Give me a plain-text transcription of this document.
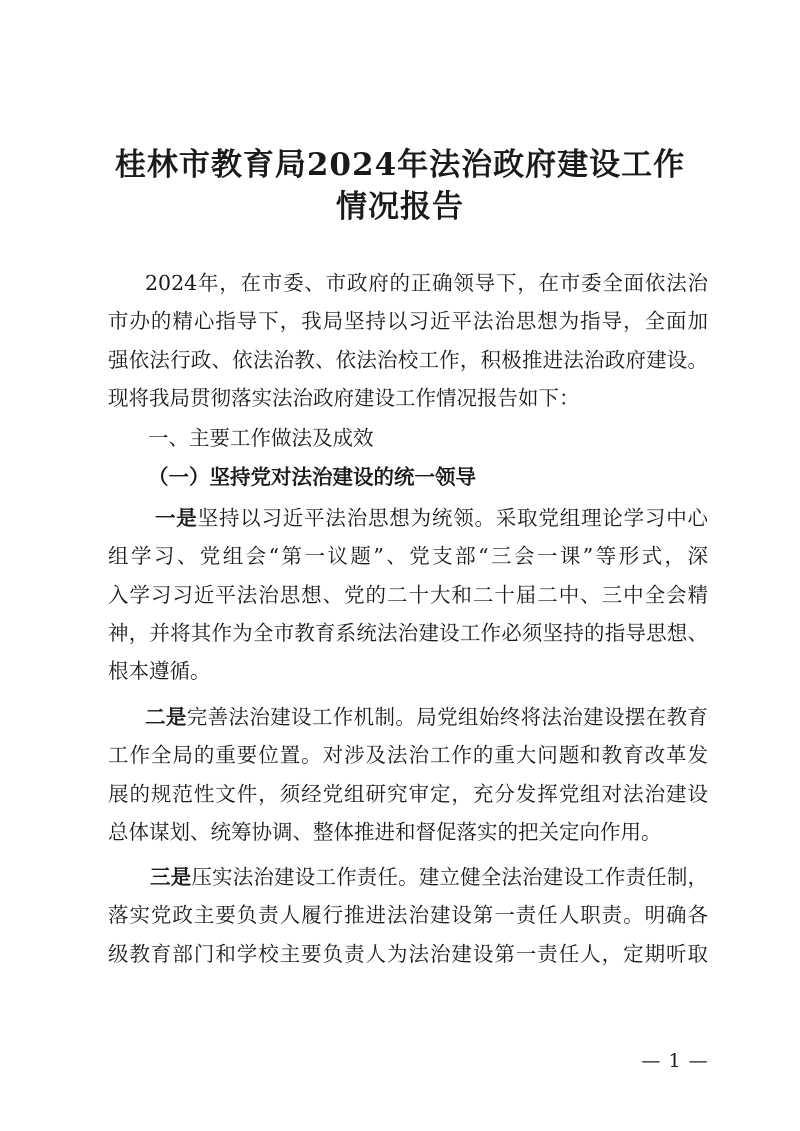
桂林市教育局2024年法治政府建设工作
情况报告

2024年，在市委、市政府的正确领导下，在市委全面依法治

市办的精心指导下，我局坚持以习近平法治思想为指导，全面加

强依法行政、依法治教、依法治校工作，积极推进法治政府建设。

现将我局贯彻落实法治政府建设工作情况报告如下：

一、主要工作做法及成效

（一）坚持党对法治建设的统一领导

一是坚持以习近平法治思想为统领。采取党组理论学习中心

组学习、党组会“第一议题”、党支部“三会一课”等形式，深

入学习习近平法治思想、党的二十大和二十届二中、三中全会精

神，并将其作为全市教育系统法治建设工作必须坚持的指导思想、

根本遵循。

二是完善法治建设工作机制。局党组始终将法治建设摆在教育

工作全局的重要位置。对涉及法治工作的重大问题和教育改革发

展的规范性文件，须经党组研究审定，充分发挥党组对法治建设

总体谋划、统筹协调、整体推进和督促落实的把关定向作用。

三是压实法治建设工作责任。建立健全法治建设工作责任制，

落实党政主要负责人履行推进法治建设第一责任人职责。明确各

级教育部门和学校主要负责人为法治建设第一责任人，定期听取

— 1 —
